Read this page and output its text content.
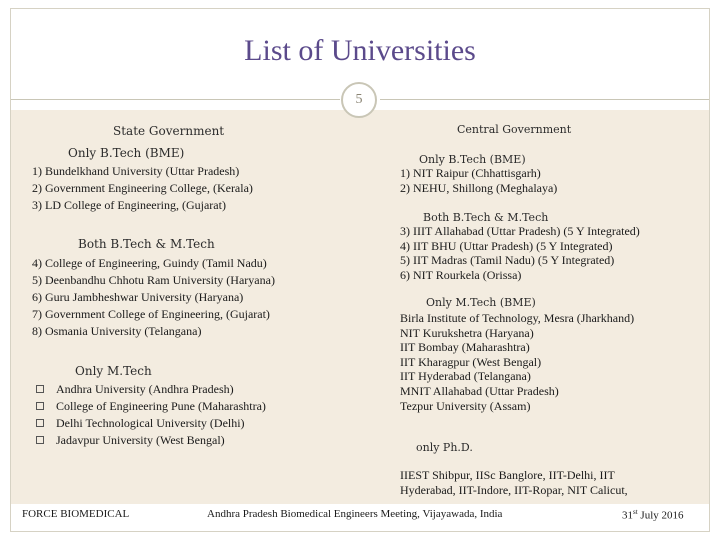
List of Universities
5
State Government
Only B.Tech (BME)
1) Bundelkhand University (Uttar Pradesh)
2) Government Engineering College, (Kerala)
3) LD College of Engineering, (Gujarat)
Both B.Tech & M.Tech
4) College of Engineering, Guindy (Tamil Nadu)
5) Deenbandhu Chhotu Ram University (Haryana)
6) Guru Jambheshwar University (Haryana)
7) Government College of Engineering, (Gujarat)
8) Osmania University (Telangana)
Only M.Tech
Andhra University (Andhra Pradesh)
College of Engineering Pune (Maharashtra)
Delhi Technological University (Delhi)
Jadavpur University (West Bengal)
Central Government
Only B.Tech (BME)
1) NIT Raipur (Chhattisgarh)
2) NEHU, Shillong (Meghalaya)
Both B.Tech & M.Tech
3) IIIT Allahabad (Uttar Pradesh) (5 Y Integrated)
4) IIT BHU (Uttar Pradesh) (5 Y Integrated)
5) IIT Madras (Tamil Nadu) (5 Y Integrated)
6) NIT Rourkela (Orissa)
Only M.Tech (BME)
Birla Institute of Technology, Mesra (Jharkhand)
NIT Kurukshetra (Haryana)
IIT Bombay (Maharashtra)
IIT Kharagpur (West Bengal)
IIT Hyderabad (Telangana)
MNIT Allahabad (Uttar Pradesh)
Tezpur University (Assam)
only Ph.D.
IIEST Shibpur, IISc Banglore, IIT-Delhi, IIT
Hyderabad, IIT-Indore, IIT-Ropar, NIT Calicut,
FORCE BIOMEDICAL	Andhra Pradesh Biomedical Engineers Meeting, Vijayawada, India	31st July 2016
